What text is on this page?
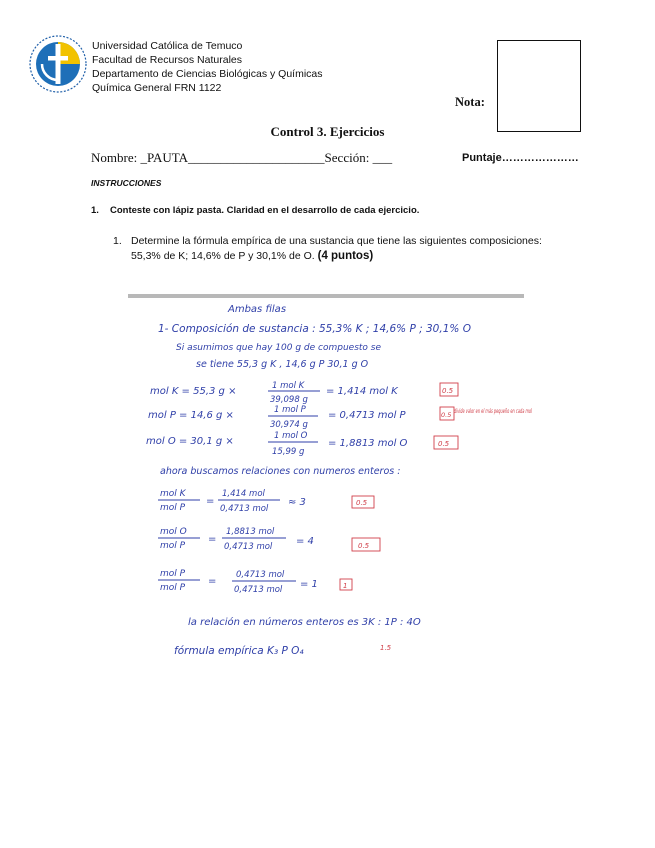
Universidad Católica de Temuco
Facultad de Recursos Naturales
Departamento de Ciencias Biológicas y Químicas
Química General FRN 1122
Nota:
Control 3. Ejercicios
Nombre: _PAUTA_____________________Sección: ___	Puntaje…………………
INSTRUCCIONES
1. Conteste con lápiz pasta. Claridad en el desarrollo de cada ejercicio.
1. Determine la fórmula empírica de una sustancia que tiene las siguientes composiciones:
55,3% de K; 14,6% de P y 30,1% de O. (4 puntos)
Ambas filas
1- Composición de sustancia : 55,3% K ; 14,6% P ; 30,1% O
Si asumimos que hay 100 g de compuesto se
se tiene 55,3 g K , 14,6 g P 30,1 g O
mol K = 55,3 g ×	1 mol K
39,098 g
= 1,414 mol K	0.5
mol P = 14,6 g ×	1 mol P
30,974 g
= 0,4713 mol P	0.5 divide valor en el más pequeño en cada mol
mol O = 30,1 g ×	1 mol O
15,99 g
= 1,8813 mol O	0.5
ahora buscamos relaciones con numeros enteros :
mol K
mol P
=
1,414 mol
0,4713 mol
≈ 3	0.5
mol O
mol P
=
1,8813 mol
0,4713 mol = 4	0.5
mol P
mol P
=
0,4713 mol
0,4713 mol = 1	1
la relación en números enteros es 3K : 1P : 4O
fórmula empírica K₃ P O₄	1.5
